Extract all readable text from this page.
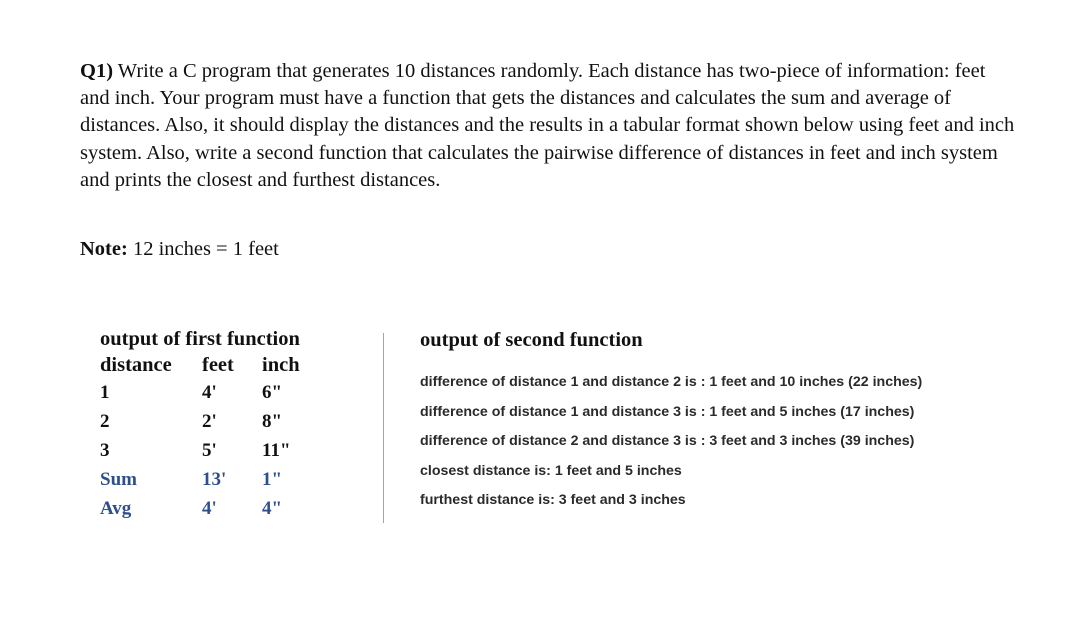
Q1) Write a C program that generates 10 distances randomly. Each distance has two-piece of information: feet and inch. Your program must have a function that gets the distances and calculates the sum and average of distances. Also, it should display the distances and the results in a tabular format shown below using feet and inch system. Also, write a second function that calculates the pairwise difference of distances in feet and inch system and prints the closest and furthest distances.

Note: 12 inches = 1 feet

output of first function
distance	feet	inch
1	4'	6"
2	2'	8"
3	5'	11"
Sum	13'	1"
Avg	4'	4"
output of second function
difference of distance 1 and distance 2 is : 1 feet and 10 inches (22 inches)
difference of distance 1 and distance 3 is : 1 feet and 5 inches (17 inches)
difference of distance 2 and distance 3 is : 3 feet and 3 inches (39 inches)
closest distance is: 1 feet and 5 inches
furthest distance is: 3 feet and 3 inches
